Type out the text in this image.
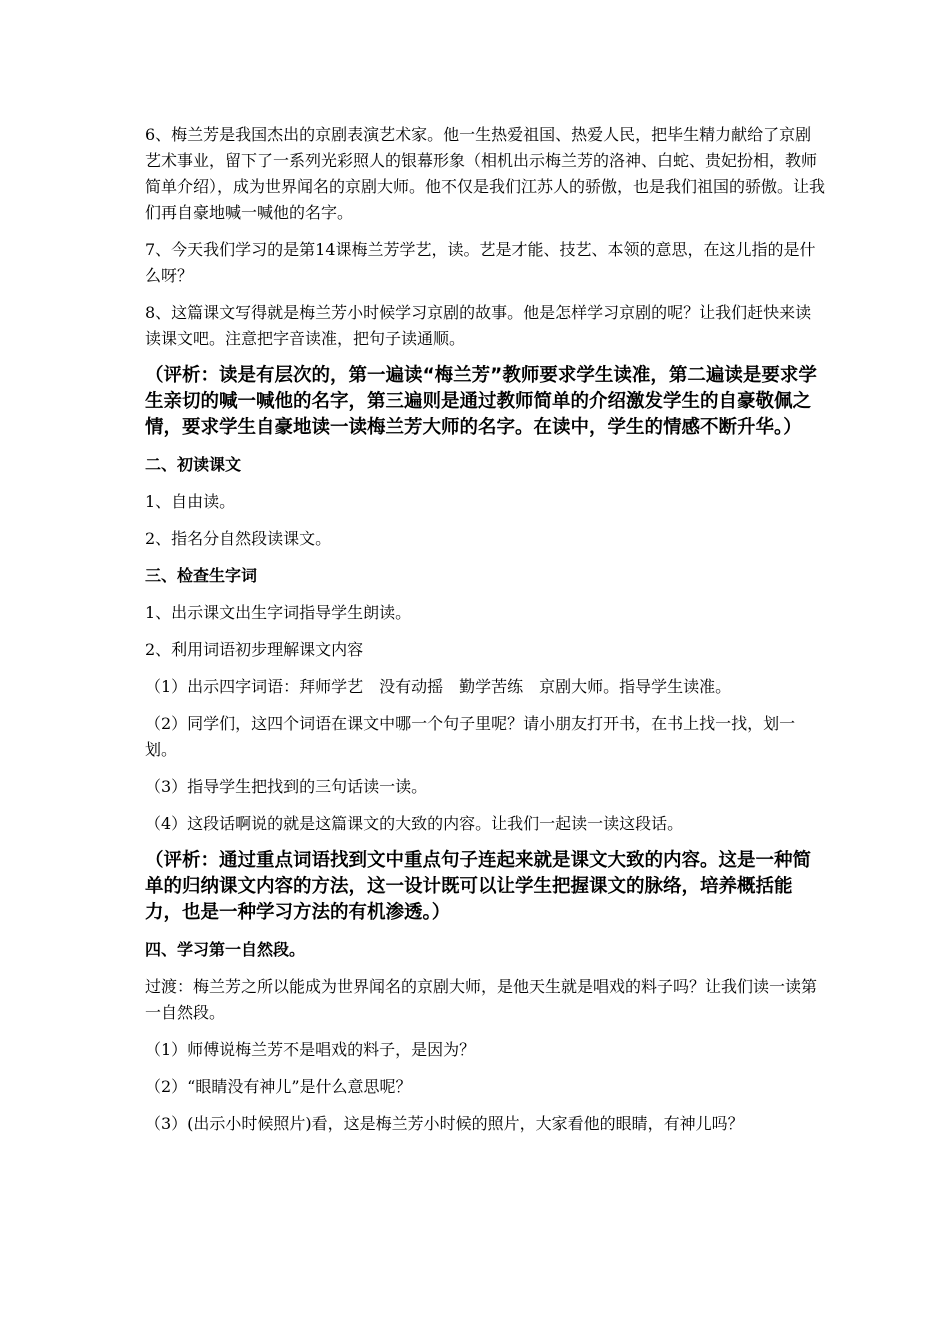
6、梅兰芳是我国杰出的京剧表演艺术家。他一生热爱祖国、热爱人民，把毕生精力献给了京剧艺术事业，留下了一系列光彩照人的银幕形象（相机出示梅兰芳的洛神、白蛇、贵妃扮相，教师简单介绍），成为世界闻名的京剧大师。他不仅是我们江苏人的骄傲，也是我们祖国的骄傲。让我们再自豪地喊一喊他的名字。
7、今天我们学习的是第14课梅兰芳学艺，读。艺是才能、技艺、本领的意思，在这儿指的是什么呀？
8、这篇课文写得就是梅兰芳小时候学习京剧的故事。他是怎样学习京剧的呢？让我们赶快来读读课文吧。注意把字音读准，把句子读通顺。
（评析：读是有层次的，第一遍读“梅兰芳”教师要求学生读准，第二遍读是要求学生亲切的喊一喊他的名字，第三遍则是通过教师简单的介绍激发学生的自豪敬佩之情，要求学生自豪地读一读梅兰芳大师的名字。在读中，学生的情感不断升华。）
二、初读课文
1、自由读。
2、指名分自然段读课文。
三、检查生字词
1、出示课文出生字词指导学生朗读。
2、利用词语初步理解课文内容
（1）出示四字词语：拜师学艺　没有动摇　勤学苦练　京剧大师。指导学生读准。
（2）同学们，这四个词语在课文中哪一个句子里呢？请小朋友打开书，在书上找一找，划一划。
（3）指导学生把找到的三句话读一读。
（4）这段话啊说的就是这篇课文的大致的内容。让我们一起读一读这段话。
（评析：通过重点词语找到文中重点句子连起来就是课文大致的内容。这是一种简单的归纳课文内容的方法，这一设计既可以让学生把握课文的脉络，培养概括能力，也是一种学习方法的有机渗透。）
四、学习第一自然段。
过渡：梅兰芳之所以能成为世界闻名的京剧大师，是他天生就是唱戏的料子吗？让我们读一读第一自然段。
（1）师傅说梅兰芳不是唱戏的料子，是因为？
（2）“眼睛没有神儿”是什么意思呢？
（3）(出示小时候照片)看，这是梅兰芳小时候的照片，大家看他的眼睛，有神儿吗？
